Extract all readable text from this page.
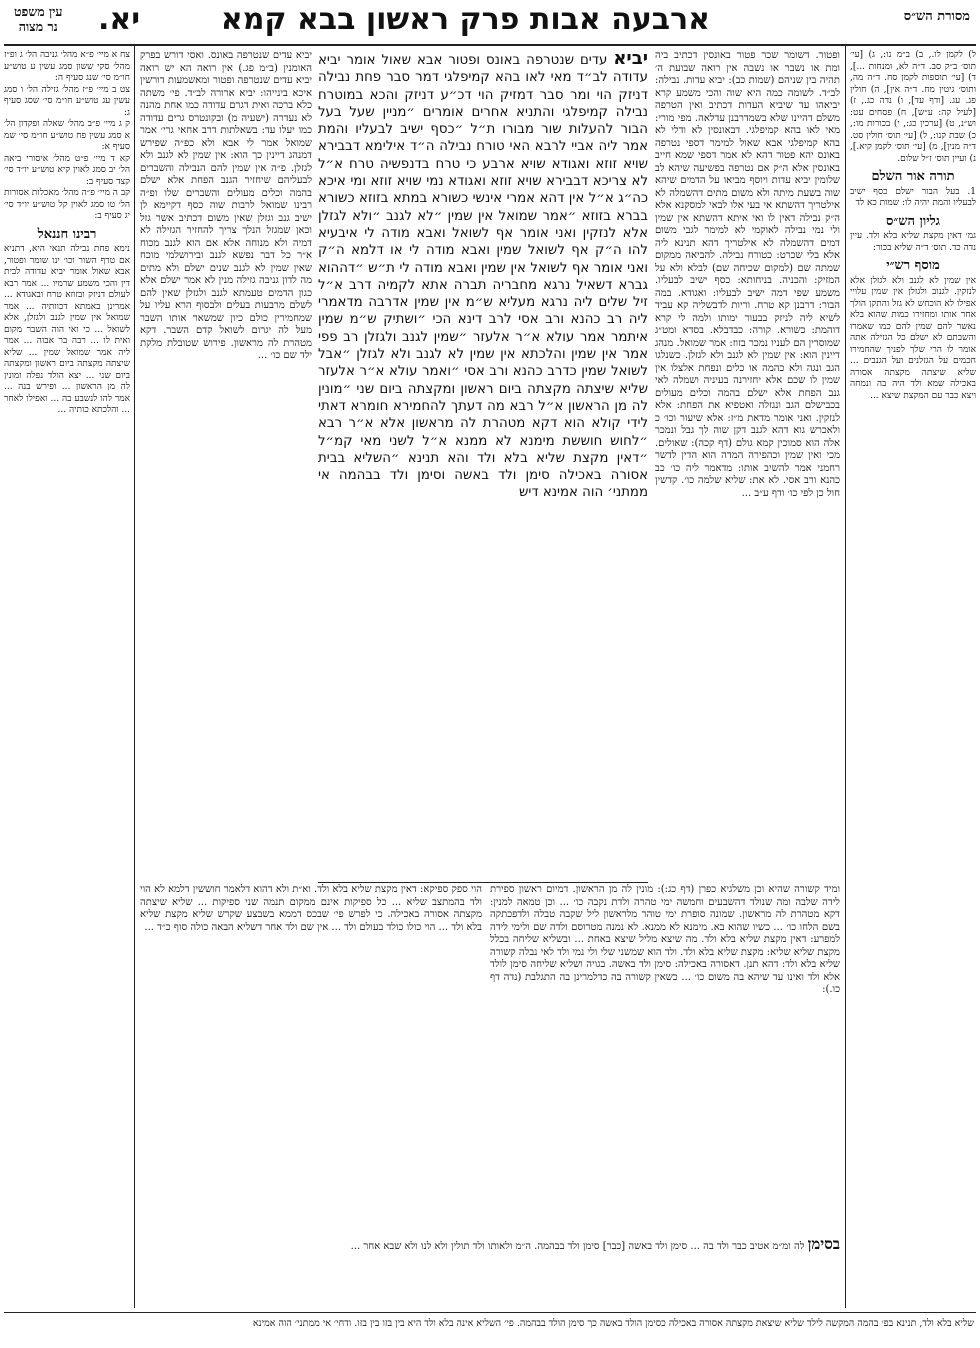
מסורת הש״ס
ארבעה אבות פרק ראשון בבא קמא
יא.
עין משפט
נר מצוה

ל) לקמן לו., ב) ב״מ נו:, ג) [עי׳ תוס׳ ב״ק סב. ד״ה לא, ומנחות ...], ד) [עי׳ תוספות לקמן סח. ד״ה מה, ותוס׳ גיטין מח. ד״ה אין], ה) חולין פג. עג. [ודף עד], ו) נדה כג., ז) [לעיל קה: ע״ש], ח) פסחים עט: וש״נ, ט) [ערכין כג:, י) בכורות מו:, כ) שבת קנו:, ל) [עי׳ תוס׳ חולין סט. ד״ה מנין], מ) [עי׳ תוס׳ לקמן קיא.], נ) ועיין תוס׳ ז״ל שלום.

תורה אור השלם

1. בעל הבור ישלם כסף ישיב לבעליו והמת יהיה לו: שמות כא לד

גליון הש״ס

גמ׳ דאין מקצת שליא בלא ולד. עיין נדה כד. תוס׳ ד״ה שליא בכור:

מוסף רש״י

אין שמין לא לגנב ולא לגזלן אלא לנזקין. לגנוב ולגזלן אין שמין עלויי אפילו לא הוכחש לא גזל והתקן הולך אחר אותו ומחזירו כמות שהוא בלא נאשר להם שמין להם כמו שאמרו והשבתם לא ישלם כל הגזילה אתה אומר לו הרי שלך לפניך שהחמירו חכמים על הגזלנים ועל הגנבים ... שליא שיצתה מקצתה אסורה באכילה שמא ולד היה בה ונמחה ויצא כבר עם המקצת שיצא ...

ופטור. דשומר שכר פטור באונסין דכתיב ביה ומת או נשבר או נשבה אין רואה שבועת ה׳ תהיה בין שניהם (שמות כב): יביא עדות. נבילה: לב״ד. לשומה כמה היא שוה והכי משמע קרא יביאהו עד שיביא העדות דכתיב ואין הטרפה משלם דהיינו שלא בשמדרבנן עדלאה. מפי מורי: מאי לאו בהא קמיפלגי. דבאונסין לא ודלי לא בהא קמיפלגי אבא שאול למימר דספי נטרפה באונס יהא פטור דהא לא אמר דספי שמא חייב באונסין אלא ה״ק אם נטרפה בפשיעה שיהא לב שלומין יביא עדות ויוסף מביאו על הדמים שיהא שוה בשעת מיתה ולא משום מתים דהשמלה לא אילטריך דהשתא אי בעי אלו לבאי למסקנא אלא ה״ק נבילה דאין לו ואי איתא דהשתא אין שמין ולי נמי נבילה לאוקמי לא למימר לגבי משום דמים דהשמלה לא אילטריך דהא תנינא ליה אלא בלי שכרט: כטורח נבילה. להביאה ממקום שמתה שם (למקום שכיחה שם) לבלא ולא על המזיק: והכניה. בניחותא: כסף ישיב לבעליו. משמע שפי דמה ישיב לבעליו: ואגודא. במה הבור: דרבנן קא טרח. וריות לדבשליה קא עביד לשיא ליה לניזק בבעור ימותו ולמה לי קרא דוהמת: כשורא. קורה: כבדבלא. בסדא ומט״ג שמוסרין הם לעניו נמכר בזוז: אמר שמואל. מנהג דיינין הוא: אין שמין לא לגנב ולא לגזלן. כשנלגו הגב ונגה ולא כהמה או כלים ונפחת אלצלו אין שמין לו שכם אלא יחזירנה בעיניה ושמלה לאי גנב הפחת אלא ישלם בהמה וכלים מעולים בכבישלם הגב ונגזלה ואטפיא את הפחת: אלא לנזקין. ואני אומר מדאת מ״ז: אלא שיעור וכו׳ כ ולאכרש גוא דהא לגנב דקן שוה לך גבל ונמכר אלה הוא סמוכין קמא גולם (דף קכה): שאולים. מכי ואין שמין וכהפירה המדה הוא הדין לדשר רחמני אמר להשיב אותו: מדאמר ליה כו׳ כב כהנא ורב אסי. לא את: שליא שלמה כו׳. קדשין חול כן לפי כו׳ ודף ע״ב ...

יביא עדים שנטרפה באונס ופטור אבא שאול אומר יביא עדודה לב״ד מאי לאו בהא קמיפלגי דמר סבר פחת נבילה דניזק הוי ומר סבר דמזיק הוי דכ״ע דניזק והכא במוטרח נבילה קמיפלגי והתניא אחרים אומרים ״מניין שעל בעל הבור להעלות שור מבורו ת״ל ״כסף ישיב לבעליו והמת אמר ליה אביי לרבא האי טורח נבילה ה״ד אילימא דבבירא שויא זוזא ואגודא שויא ארבע כי טרח בדנפשיה טרח א״ל לא צריכא דבבירא שויא זוזא ואגודא נמי שויא זוזא ומי איכא כה״ג א״ל אין דהא אמרי אינשי כשורא במתא בזוזא כשורא בברא בזוזא ״אמר שמואל אין שמין ״לא לגנב ״ולא לגזלן אלא לנזקין ואני אומר אף לשואל ואבא מודה לי איבעיא להו ה״ק אף לשואל שמין ואבא מודה לי או דלמא ה״ק ואני אומר אף לשואל אין שמין ואבא מודה לי ת״ש ״דההוא גברא דשאיל נרגא מחבריה תברה אתא לקמיה דרב א״ל זיל שלים ליה נרגא מעליא ש״מ אין שמין אדרבה מדאמרי ליה רב כהנא ורב אסי לרב דינא הכי ״ושתיק ש״מ שמין איתמר אמר עולא א״ר אלעזר ״שמין לגנב ולגזלן רב פפי אמר אין שמין והלכתא אין שמין לא לגנב ולא לגזלן ״אבל לשואל שמין כדרב כהנא ורב אסי ״ואמר עולא א״ר אלעזר שליא שיצתה מקצתה ביום ראשון ומקצתה ביום שני ״מונין לה מן הראשון א״ל רבא מה דעתך להחמירא חומרא דאתי לידי קולא הוא דקא מטהרת לה מראשון אלא א״ר רבא ״לחוש חוששת מימנא לא ממנא א״ל לשני מאי קמ״ל ״דאין מקצת שליא בלא ולד והא תנינא ״השליא בבית אסורה באכילה סימן ולד באשה וסימן ולד בבהמה אי ממתני׳ הוה אמינא דיש

יביא עדים שנטרפה באונס. ואסי דורש בפרק האומנין (ב״מ פג.) אין רואה הא יש רואה יביא עדים שנטרפה ופטור ומאשמעות דורשין איכא בינייהו: יביא ארורה לב״ד. פי׳ משתה כלא ברכה ואית דגרם עדודה כמו אחת מהנה לא נעדרה (ישעיה מ) ובקונטרס גרים עדודה כמו יעלו עד: בשאלתות דרב אחאי גרי׳ אמר שמואל אמר לי אבא ולא כפ״ה שפירש דמנהג דיינין כך הוא: אין שמין לא לגנב ולא לגזלן. פ״ה אין שמין להם הנבילה והשברים לבעליהם שיחזיר הגנב הפחת אלא ישלם בהמה וכלים מעולים והשברים שלו ופ״ה רבינו שמואל לרבות שוה כסף דקיימא לן ישיב גנב וגזלן שאין משום דכתיב אשר גזל וכאן שמגזל הנלך צריך להחזיר הגזילה לא דמיה ולא מנוחה אלא אם הוא לגנב מכוח א״ר כל דבר נפשא לגנב ובירושלמי מוכח שאין שמין לא לגנב שנים ישלם ולא מתים מה לדון גניבה גזילה מנין לא אמר ישלם אלא כגון הדמים טעמתא לגנב ולגזלן שאין להם לשלם מרבעות בעלים ולבסוף הרא עליו על שמחמירין כולם כיון שמשאר אותו השבר מעל לה יגרום לשואל קדם השבר. דקא מטהרת לה מראשון. פירוש שטובלת מלקת ילד שם כו׳ ...

ומיד קשורה שהיא וכן משלגיא כפרן (דף כג:): מונין לה מן הראשון. דמיום ראשון ספירת לידה שלבה ומה שנולד דהשבעים וחמשה ימי טהרה ולדת נקבה כו׳ ... וכן טמאה למנין: דקא מטהרת לה מראשון. שמונה סופרת ימי טוהר מלראשון ליל שקבה טבלה ולדפכתקה בשם הלחו כו׳ ... כשיו שהוא בא. מימנא לא ממנא. לא נמנה מטרוסם ולדה שם ולימי לידה למפרע: דאין מקצת שליא בלא ולד. מה שיצא מליל שיצא באחת ... ובשליא שליחה בכלל מקצת שליא שליא: מקצת שליא בלא ולד. ולד הוא שמשני שלי ולי נמי ולד לאי נבלה קשורה שליא בלא ולד: דהא תנן. דאסורה באכילה: סימן ולד באשה. בגויה ושליא שליחה סימן לולד אלא ולד ואינו עד שיהא בה משום כו׳ ... כשאין קשורה בה כדלמרינן בה התגלבת (נדה דף כו.):

הוי ספק ספיקא: דאין מקצת שליא בלא ולד. וא״ת ולא דהוא דלאמר חוששין דלמא לא הוי ולד בהמתצב שליא ... כל ספיקות אינם ממקום תנמה שני ספיקות ... שליא שיצתה מקצתה אסורה באכילה. כי לפרש פי׳ שבכס דממא בשבצע שקרש שליא מקצת שליא בלא ולד ... הוי כולו כולד בעולם ולד ... אין שם ולד אחר דשליא הבאה כולה סוף כ״ד ...

בסימן לה ומ״מ אטיב כבר ולד בה ... סימן ולד באשה [כבר] סימן ולד בבהמה. ה״מ ולאותו ולד תולין ולא לנו ולא שבא אחר ...

צח א מיי׳ פ״א מהל׳ גניבה הל׳ ג ופ״ז מהל׳ סקי ששון סמג עשין ע טוש״ע חו״מ סי׳ שנג סעיף ה:
צט ב מיי׳ פ״ז מהל׳ גזילה הל׳ ו סמג עשין עג טוש״ע חו״מ סי׳ שסג סעיף ג:
ק ג מיי׳ פ״ב מהל׳ שאלה ופקדון הל׳ א סמג עשין פח טוש״ע חו״מ סי׳ שמ סעיף א:
קא ד מיי׳ פ״ט מהל׳ איסורי ביאה הל׳ יב סמג לאוין קיא טוש״ע יו״ד סי׳ קצד סעיף ב:
קב ה מיי׳ פ״ה מהל׳ מאכלות אסורות הל׳ טו סמג לאוין קל טוש״ע יו״ד סי׳ יג סעיף ב:

רבינו חננאל

נימא פחת נבילה תנאי היא, דתניא אם טרף השור וכו׳ ינו שומר ופטור, אבא שאול אומר יביא עדודה לבית דין והכי משמע שרמיו ... אמר רבא לעולם דניזק ובזוזא טרח ובאגודא ... אמרינן באמתא דכוותיה ... אמר שמואל אין שמין לגנב ולגזלן, אלא לשואל ... כי ואי הוה השבר מקום ואית לו ... רבה בר אבוה ... אמר ליה אמר שמואל שמין ... שליא שיצתה מקצתה ביום ראשון ומקצתה ביום שני ... יצא הולד נפלה ומונין לה מן הראשון ... ופירש בנה ... אמר להו לנשבע בה ... ואפילו לאחר ... והלכתא כותיה ...

שליא בלא ולד, תנינא בפ׳ בהמה המקשה לילד שליא שיצאת מקצתה אסורה באכילה כסימן הולד באשה כך סימן הולד בבהמה. פי׳ השליא אינה בלא ולד היא בין בזו בין בזו. ודחי׳ אי ממתני׳ הוה אמינא
